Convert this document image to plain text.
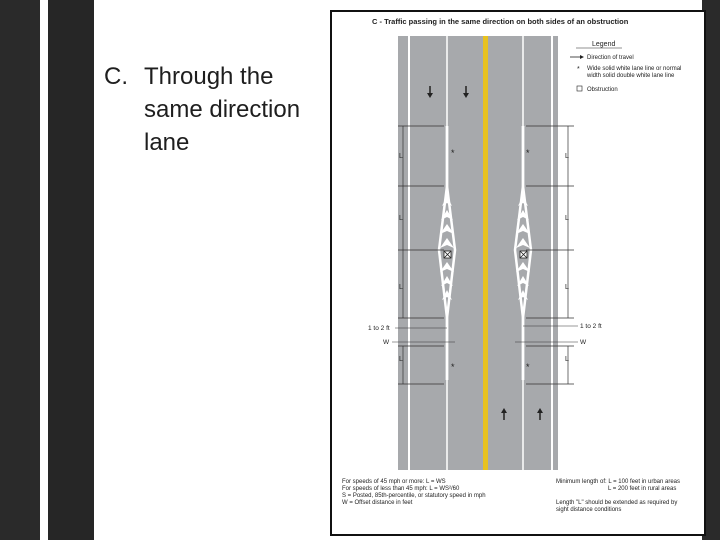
C. Through the same direction lane
C - Traffic passing in the same direction on both sides of an obstruction
*	*
*	*
L
L
L
L
L
L
L
L
1 to 2 ft
W
1 to 2 ft
W
Legend
Direction of travel
* Wide solid white lane line or normal
width solid double white lane line
Obstruction
For speeds of 45 mph or more: L = WS
For speeds of less than 45 mph: L = WS²/60
S = Posted, 85th-percentile, or statutory speed in mph
W = Offset distance in feet
Minimum length of: L = 100 feet in urban areas
L = 200 feet in rural areas
Length "L" should be extended as required by
sight distance conditions
